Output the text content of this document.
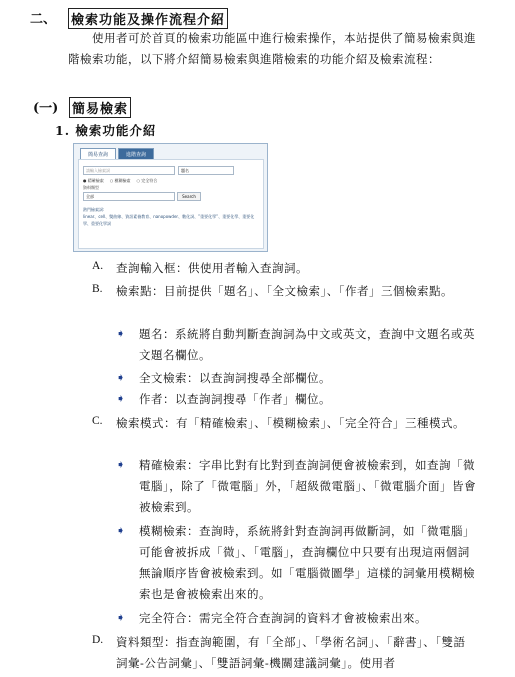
二、	檢索功能及操作流程介紹
使用者可於首頁的檢索功能區中進行檢索操作，本站提供了簡易檢索與進階檢索功能，以下將介紹簡易檢索與進階檢索的功能介紹及檢索流程：
(一)	簡易檢索
1. 檢索功能介紹
簡易查詢	進階查詢
請輸入檢索詞	題名
● 精確檢索 ○ 模糊檢索 ○ 完全符合
資料類型
全部	Search
熱門檢索詞:
linear、cell、雙曲線、資訊素養教育、nanopowder、數化詞、”重要化學”、重要化學、重要化學、重要化學詞
A. 查詢輸入框：供使用者輸入查詢詞。
B. 檢索點：目前提供「題名」、「全文檢索」、「作者」三個檢索點。
➧ 題名：系統將自動判斷查詢詞為中文或英文，查詢中文題名或英文題名欄位。
➧ 全文檢索：以查詢詞搜尋全部欄位。
➧ 作者：以查詢詞搜尋「作者」欄位。
C. 檢索模式：有「精確檢索」、「模糊檢索」、「完全符合」三種模式。
➧ 精確檢索：字串比對有比對到查詢詞便會被檢索到，如查詢「微電腦」，除了「微電腦」外，「超級微電腦」、「微電腦介面」皆會被檢索到。
➧ 模糊檢索：查詢時，系統將針對查詢詞再做斷詞，如「微電腦」可能會被拆成「微」、「電腦」，查詢欄位中只要有出現這兩個詞無論順序皆會被檢索到。如「電腦微圖學」這樣的詞彙用模糊檢索也是會被檢索出來的。
➧ 完全符合：需完全符合查詢詞的資料才會被檢索出來。
D. 資料類型：指查詢範圍，有「全部」、「學術名詞」、「辭書」、「雙語詞彙-公告詞彙」、「雙語詞彙-機關建議詞彙」。使用者
